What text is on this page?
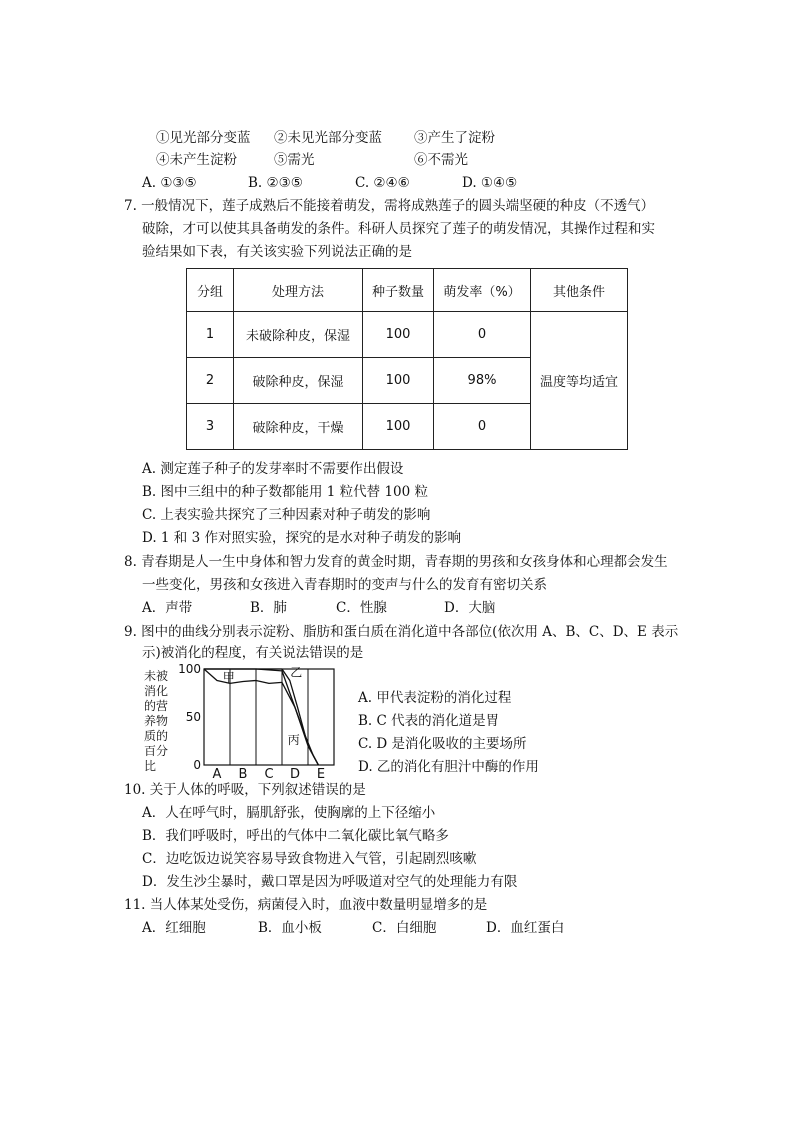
①见光部分变蓝 ②未见光部分变蓝 ③产生了淀粉
④未产生淀粉	⑤需光	⑥不需光
A. ①③⑤	B. ②③⑤	C. ②④⑥	D. ①④⑤
7. 一般情况下，莲子成熟后不能接着萌发，需将成熟莲子的圆头端坚硬的种皮（不透气）
破除，才可以使其具备萌发的条件。科研人员探究了莲子的萌发情况，其操作过程和实
验结果如下表，有关该实验下列说法正确的是
分组	处理方法	种子数量	萌发率（%）	其他条件
1	未破除种皮，保湿	100	0	温度等均适宜
2	破除种皮，保湿	100	98%	
3	破除种皮，干燥	100	0	
A. 测定莲子种子的发芽率时不需要作出假设
B. 图中三组中的种子数都能用 1 粒代替 100 粒
C. 上表实验共探究了三种因素对种子萌发的影响
D. 1 和 3 作对照实验，探究的是水对种子萌发的影响
8. 青春期是人一生中身体和智力发育的黄金时期，青春期的男孩和女孩身体和心理都会发生
一些变化，男孩和女孩进入青春期时的变声与什么的发育有密切关系
A．声带	B．肺	C．性腺	D．大脑
9. 图中的曲线分别表示淀粉、脂肪和蛋白质在消化道中各部位(依次用 A、B、C、D、E 表示
示)被消化的程度，有关说法错误的是
未被消化的营养物质的百分比
100
50
0
A B C D E
甲	乙
丙
A. 甲代表淀粉的消化过程
B. C 代表的消化道是胃
C. D 是消化吸收的主要场所
D. 乙的消化有胆汁中酶的作用
10. 关于人体的呼吸，下列叙述错误的是
A．人在呼气时，膈肌舒张，使胸廓的上下径缩小
B．我们呼吸时，呼出的气体中二氧化碳比氧气略多
C．边吃饭边说笑容易导致食物进入气管，引起剧烈咳嗽
D．发生沙尘暴时，戴口罩是因为呼吸道对空气的处理能力有限
11. 当人体某处受伤，病菌侵入时，血液中数量明显增多的是
A．红细胞	B．血小板	C．白细胞	D．血红蛋白
